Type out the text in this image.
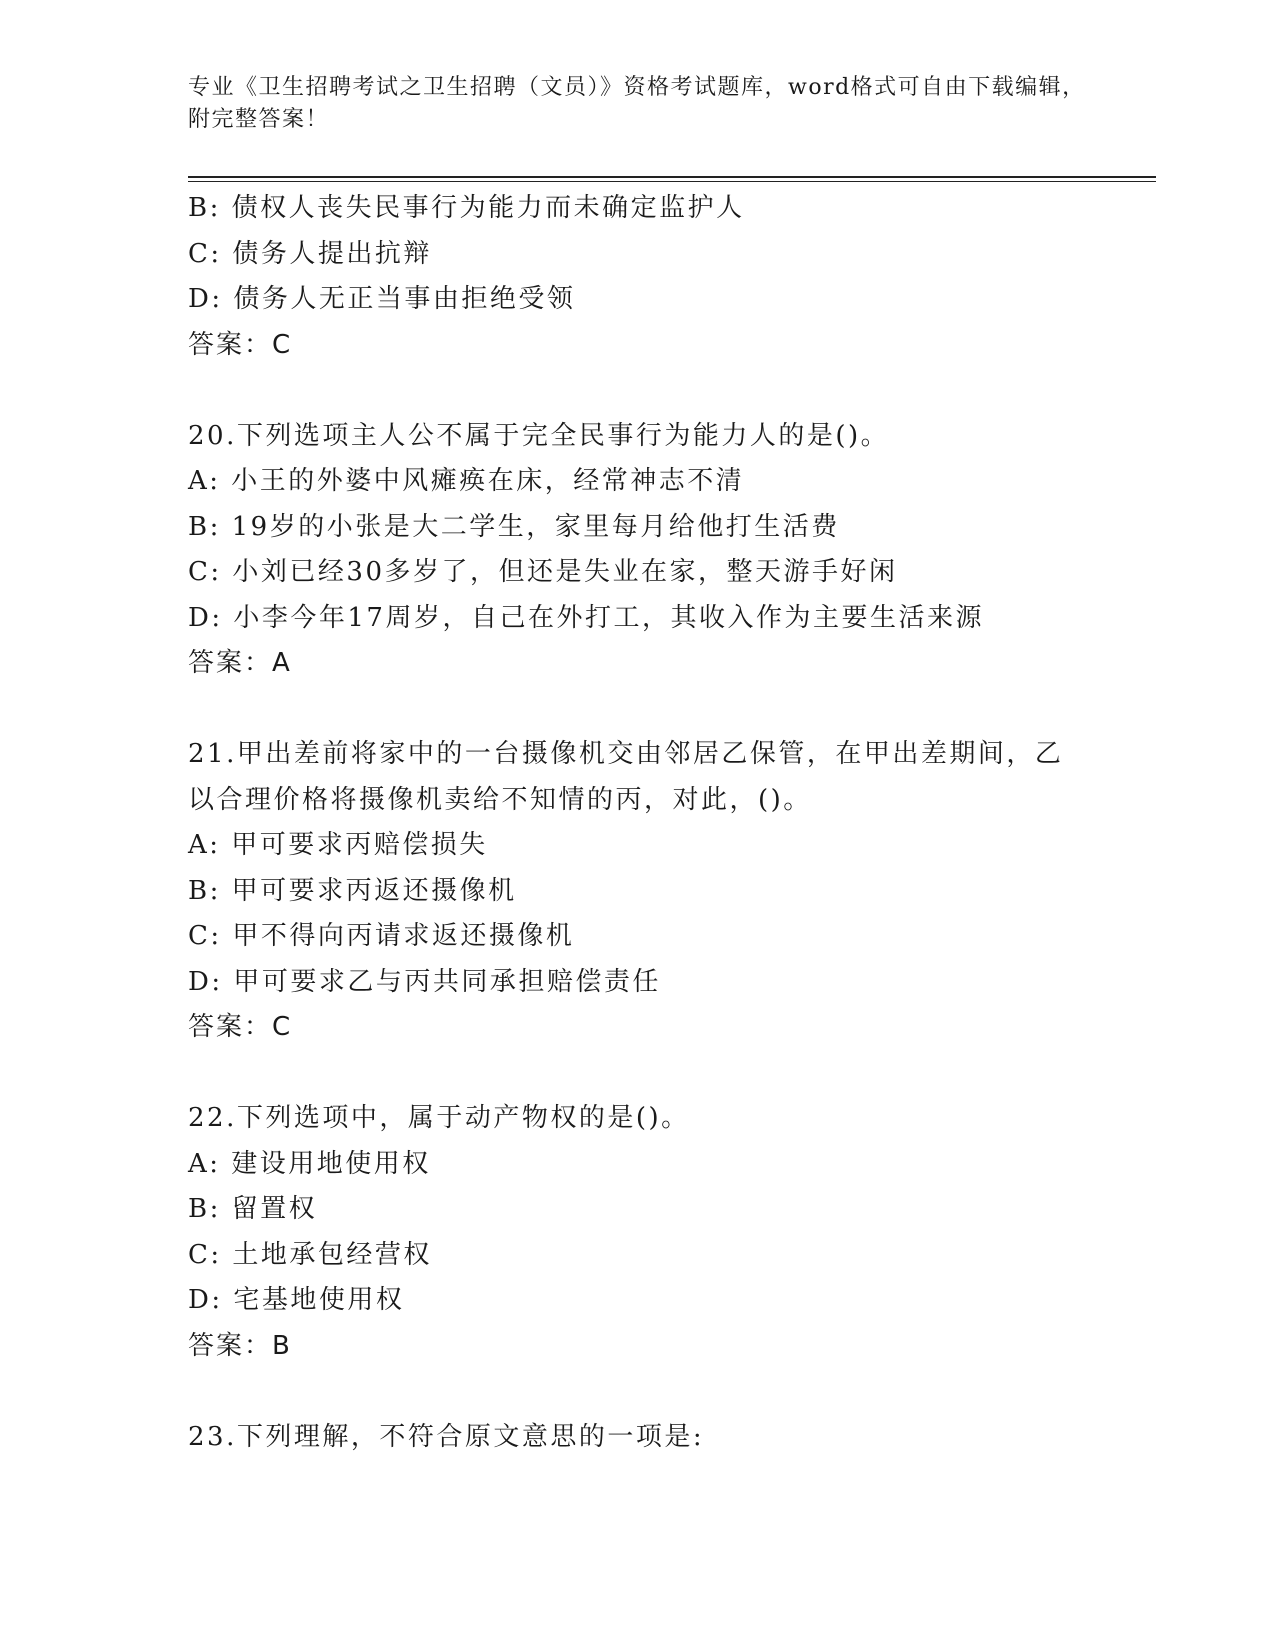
专业《卫生招聘考试之卫生招聘（文员）》资格考试题库，word格式可自由下载编辑，附完整答案！
B: 债权人丧失民事行为能力而未确定监护人
C: 债务人提出抗辩
D: 债务人无正当事由拒绝受领
答案：C
20.下列选项主人公不属于完全民事行为能力人的是()。
A: 小王的外婆中风瘫痪在床，经常神志不清
B: 19岁的小张是大二学生，家里每月给他打生活费
C: 小刘已经30多岁了，但还是失业在家，整天游手好闲
D: 小李今年17周岁，自己在外打工，其收入作为主要生活来源
答案：A
21.甲出差前将家中的一台摄像机交由邻居乙保管，在甲出差期间，乙以合理价格将摄像机卖给不知情的丙，对此，()。
A: 甲可要求丙赔偿损失
B: 甲可要求丙返还摄像机
C: 甲不得向丙请求返还摄像机
D: 甲可要求乙与丙共同承担赔偿责任
答案：C
22.下列选项中，属于动产物权的是()。
A: 建设用地使用权
B: 留置权
C: 土地承包经营权
D: 宅基地使用权
答案：B
23.下列理解，不符合原文意思的一项是:
